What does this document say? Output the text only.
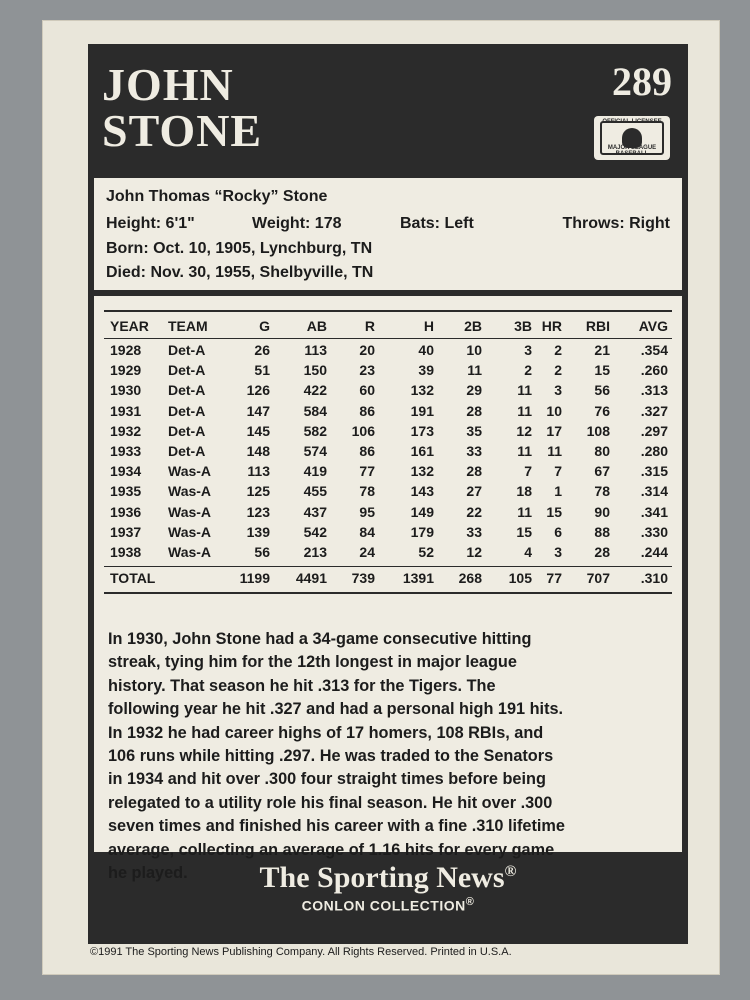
JOHN
STONE
289
OFFICIAL LICENSEE
MAJOR LEAGUE BASEBALL
John Thomas “Rocky” Stone
Height: 6'1"	Weight: 178	Bats: Left	Throws: Right
Born: Oct. 10, 1905, Lynchburg, TN
Died: Nov. 30, 1955, Shelbyville, TN
YEAR TEAM	G	AB	R	H 2B 3B HR RBI AVG
1928 Det-A	26 113 20	40 10	3 2 21 .354
1929 Det-A	51 150 23	39 11	2 2 15 .260
1930 Det-A	126 422 60	132 29	11 3 56 .313
1931 Det-A	147 584 86	191 28	11 10 76 .327
1932 Det-A	145 582 106	173 35 12 17 108 .297
1933 Det-A	148 574 86	161 33	11 11 80 .280
1934 Was-A	113 419 77	132 28	7 7 67 .315
1935 Was-A	125 455 78	143 27 18 1 78 .314
1936 Was-A	123 437 95	149 22	11 15 90 .341
1937 Was-A	139 542 84	179 33 15 6 88 .330
1938 Was-A	56 213 24	52 12	4 3 28 .244
TOTAL	1199 4491 739 1391 268 105 77 707 .310
In 1930, John Stone had a 34-game consecutive hitting
streak, tying him for the 12th longest in major league
history. That season he hit .313 for the Tigers. The
following year he hit .327 and had a personal high 191 hits.
In 1932 he had career highs of 17 homers, 108 RBIs, and
106 runs while hitting .297. He was traded to the Senators
in 1934 and hit over .300 four straight times before being
relegated to a utility role his final season. He hit over .300
seven times and finished his career with a fine .310 lifetime
average, collecting an average of 1.16 hits for every game
he played.	The Sporting News®
CONLON COLLECTION®
©1991 The Sporting News Publishing Company. All Rights Reserved. Printed in U.S.A.
